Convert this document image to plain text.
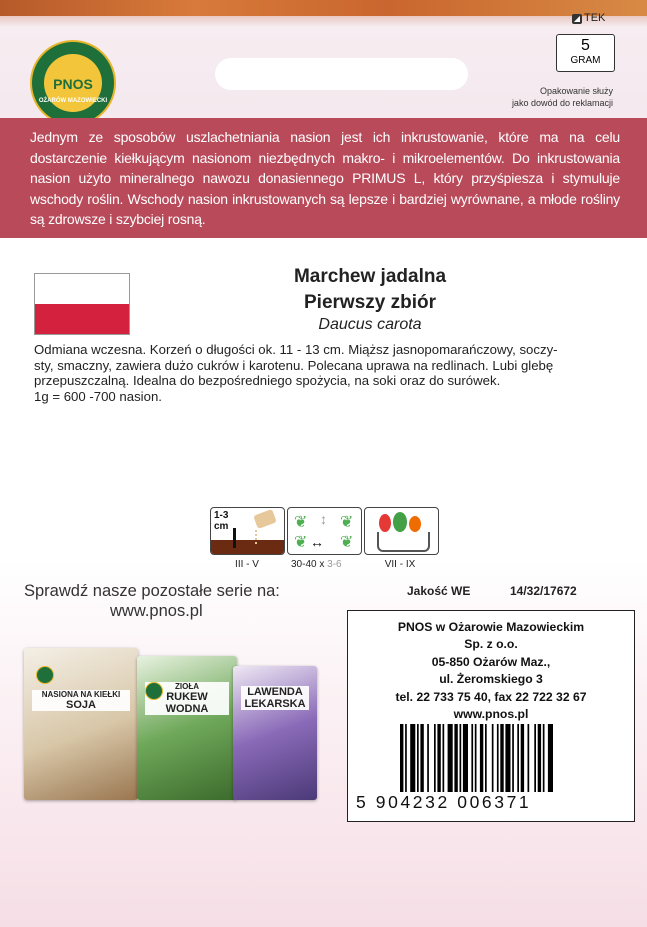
PNOS
OŻARÓW MAZOWIECKI
◢ TEK
5
GRAM
Opakowanie służy
jako dowód do reklamacji

Jednym ze sposobów uszlachetniania nasion jest ich inkrustowanie, które ma na celu dostarczenie kiełkującym nasionom niezbędnych makro- i mikroelementów. Do inkrustowania nasion użyto mineralnego nawozu donasiennego PRIMUS L, który przyśpiesza i stymuluje wschody roślin. Wschody nasion inkrustowanych są lepsze i bardziej wyrównane, a młode rośliny są zdrowsze i szybciej rosną.

Marchew jadalna
Pierwszy zbiór
Daucus carota
Odmiana wczesna. Korzeń o długości ok. 11 - 13 cm. Miąższ jasnopomarańczowy, soczy-
sty, smaczny, zawiera dużo cukrów i karotenu. Polecana uprawa na redlinach. Lubi glebę
przepuszczalną. Idealna do bezpośredniego spożycia, na soki oraz do surówek.
1g = 600 -700 nasion.
1-3 cm
III - V
❦ ❦
❦ ❦
↕
↔
30-40 x 3-6	VII - IX
Sprawdź nasze pozostałe serie na:
www.pnos.pl
NASIONA NA KIEŁKI
SOJA
ZIOŁA
RUKEW WODNA
LAWENDA LEKARSKA
Jakość WE	14/32/17672
PNOS w Ożarowie Mazowieckim
Sp. z o.o.
05-850 Ożarów Maz.,
ul. Żeromskiego 3
tel. 22 733 75 40, fax 22 722 32 67
www.pnos.pl
5 904232 006371
